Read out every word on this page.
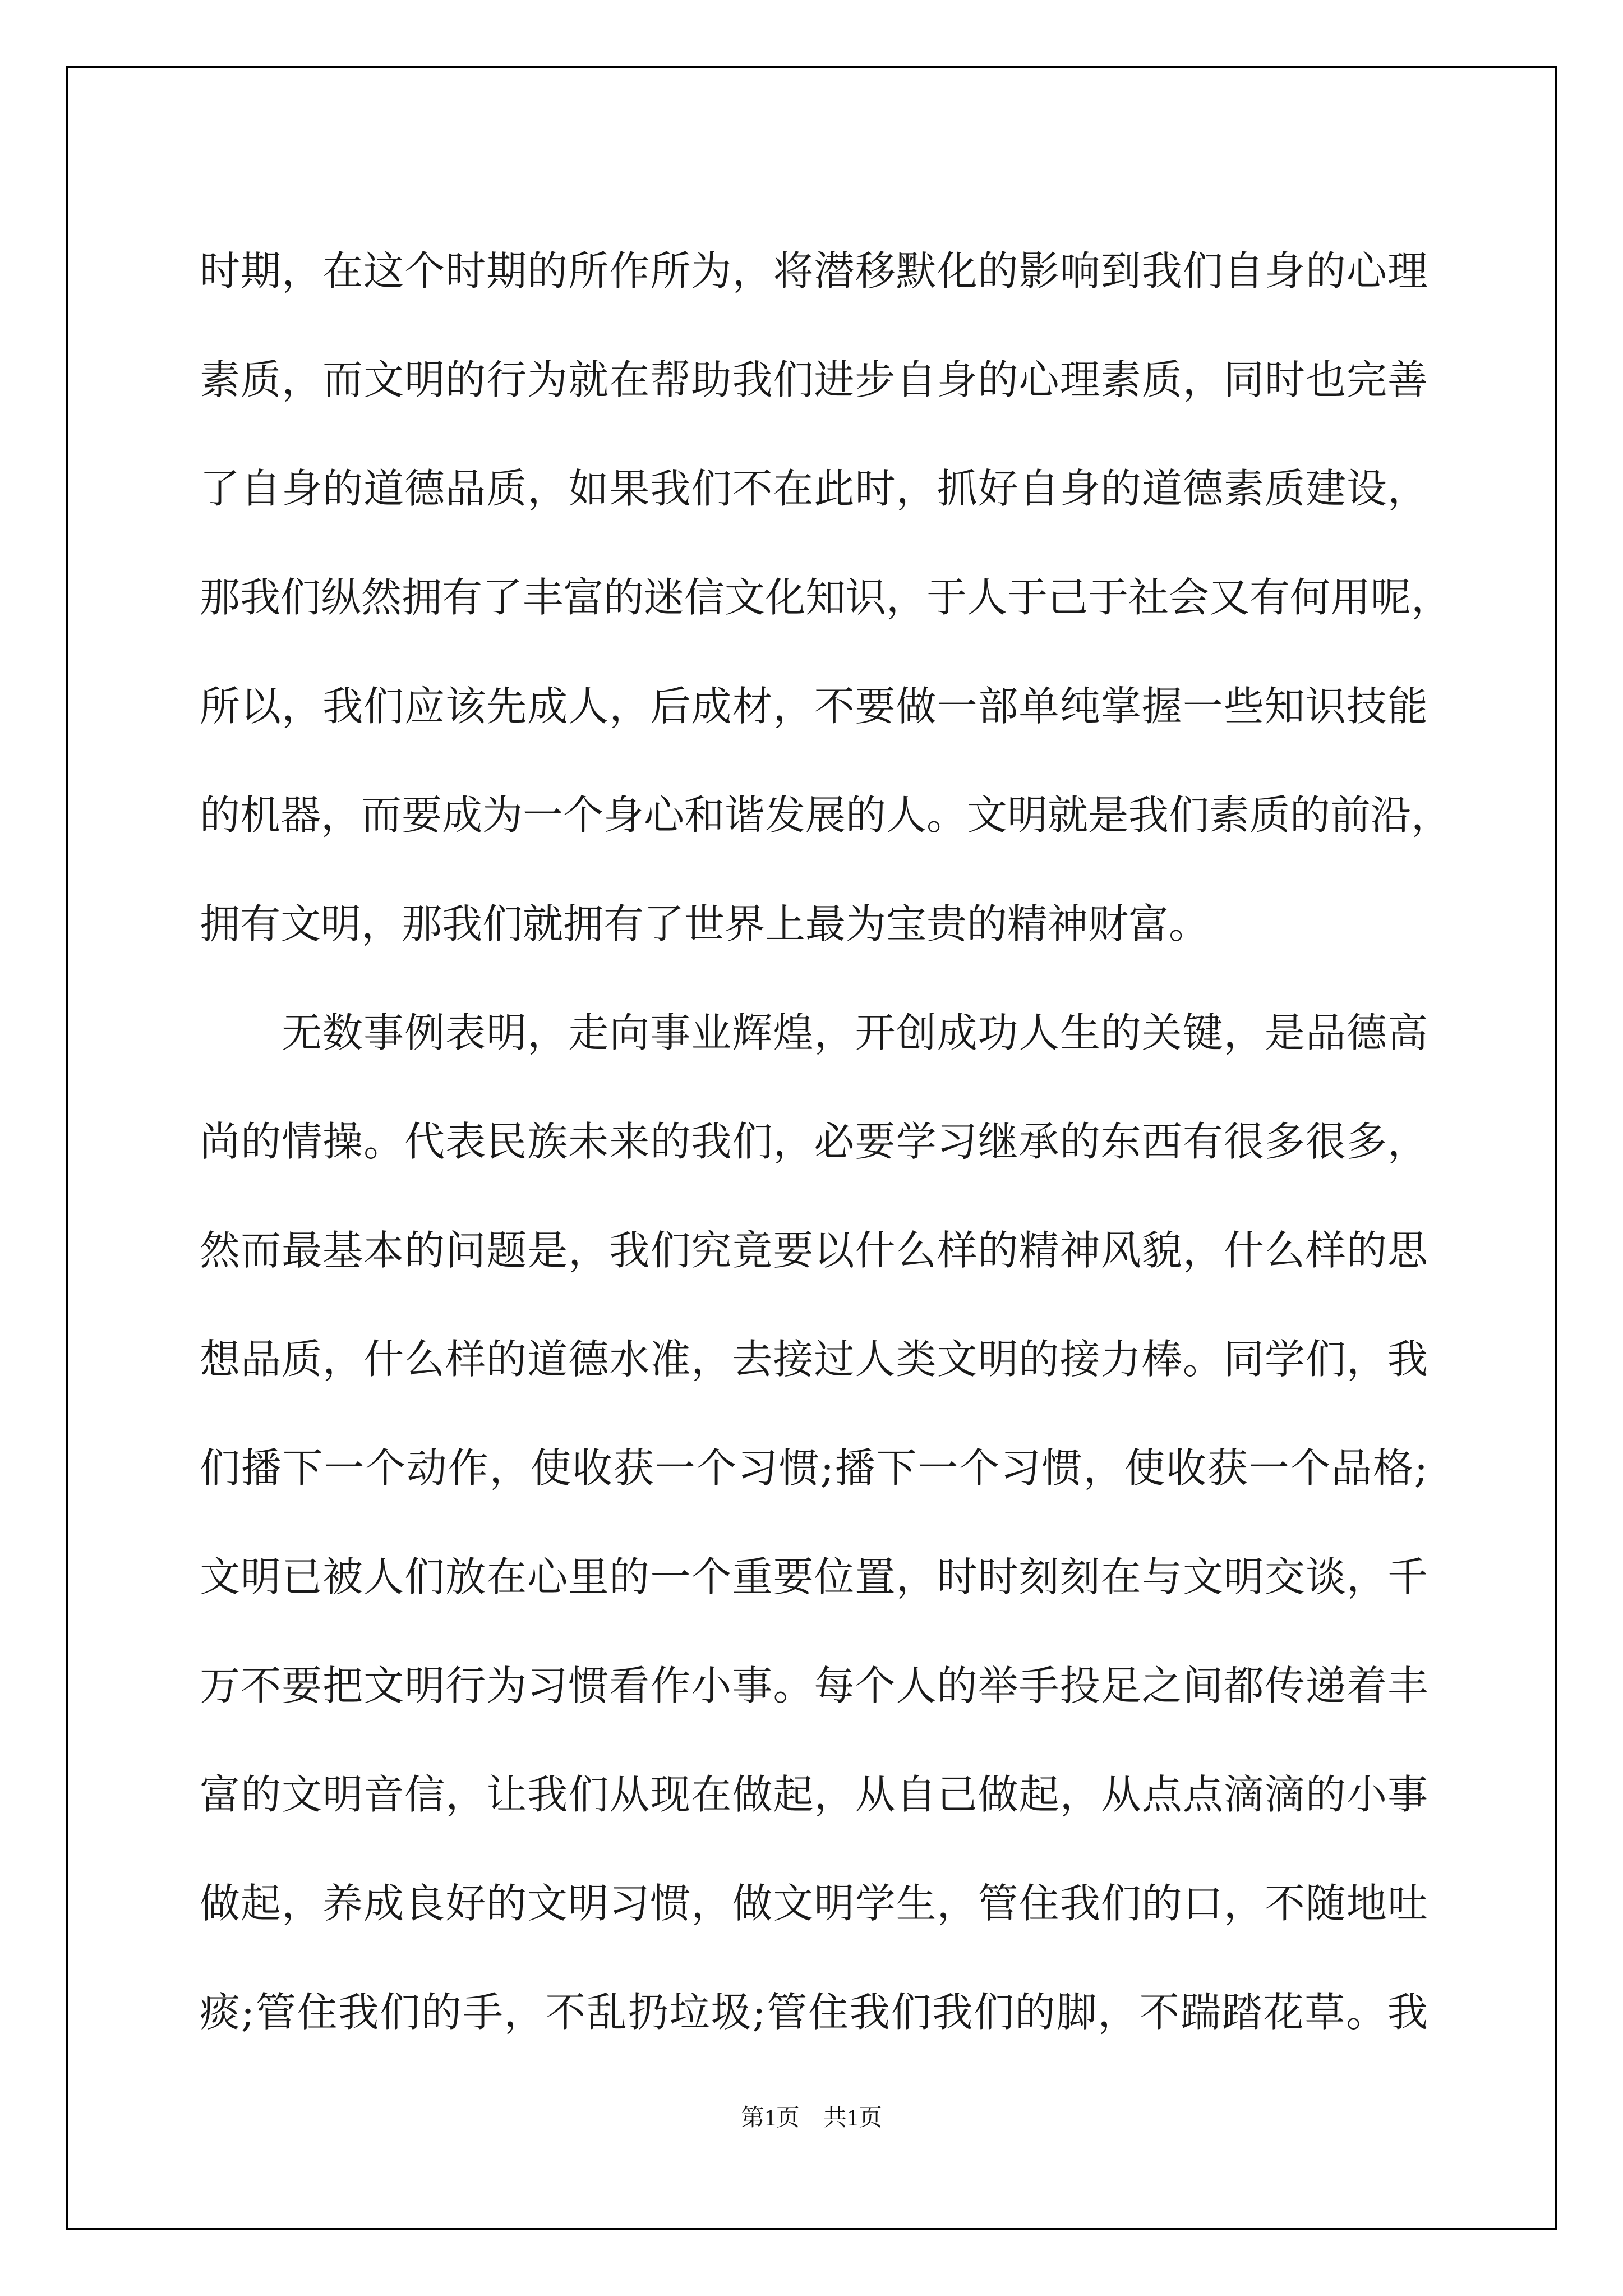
时期，在这个时期的所作所为，将潜移默化的影响到我们自身的心理
素质，而文明的行为就在帮助我们进步自身的心理素质，同时也完善
了自身的道德品质，如果我们不在此时，抓好自身的道德素质建设，
那我们纵然拥有了丰富的迷信文化知识，于人于己于社会又有何用呢，
所以，我们应该先成人，后成材，不要做一部单纯掌握一些知识技能
的机器，而要成为一个身心和谐发展的人。文明就是我们素质的前沿，
拥有文明，那我们就拥有了世界上最为宝贵的精神财富。
无数事例表明，走向事业辉煌，开创成功人生的关键，是品德高
尚的情操。代表民族未来的我们，必要学习继承的东西有很多很多，
然而最基本的问题是，我们究竟要以什么样的精神风貌，什么样的思
想品质，什么样的道德水准，去接过人类文明的接力棒。同学们，我
们播下一个动作，使收获一个习惯;播下一个习惯，使收获一个品格;
文明已被人们放在心里的一个重要位置，时时刻刻在与文明交谈，千
万不要把文明行为习惯看作小事。每个人的举手投足之间都传递着丰
富的文明音信，让我们从现在做起，从自己做起，从点点滴滴的小事
做起，养成良好的文明习惯，做文明学生，管住我们的口，不随地吐
痰;管住我们的手，不乱扔垃圾;管住我们我们的脚，不踹踏花草。我
第1页　共1页
